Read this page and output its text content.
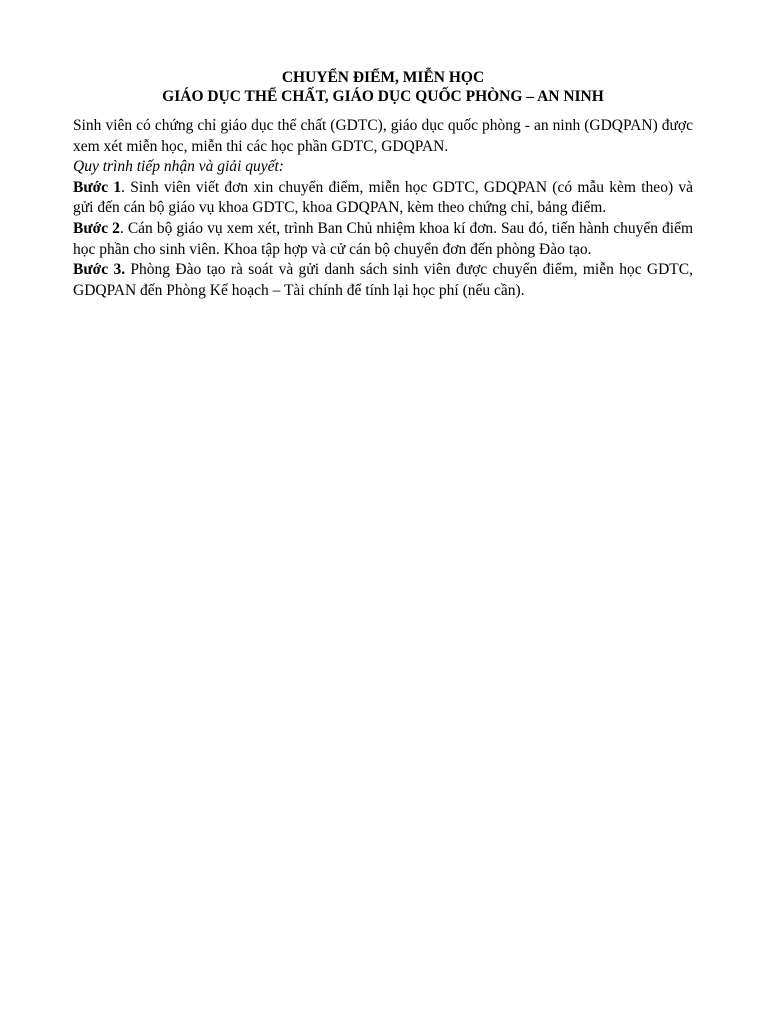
CHUYỂN ĐIỂM, MIỄN HỌC

GIÁO DỤC THỂ CHẤT, GIÁO DỤC QUỐC PHÒNG – AN NINH

Sinh viên có chứng chỉ giáo dục thể chất (GDTC), giáo dục quốc phòng - an ninh (GDQPAN) được xem xét miễn học, miễn thi các học phần GDTC, GDQPAN.

Quy trình tiếp nhận và giải quyết:

Bước 1. Sinh viên viết đơn xin chuyển điểm, miễn học GDTC, GDQPAN (có mẫu kèm theo) và gửi đến cán bộ giáo vụ khoa GDTC, khoa GDQPAN, kèm theo chứng chỉ, bảng điểm.

Bước 2. Cán bộ giáo vụ xem xét, trình Ban Chủ nhiệm khoa kí đơn. Sau đó, tiến hành chuyển điểm học phần cho sinh viên. Khoa tập hợp và cử cán bộ chuyển đơn đến phòng Đào tạo.

Bước 3. Phòng Đào tạo rà soát và gửi danh sách sinh viên được chuyển điểm, miễn học GDTC, GDQPAN đến Phòng Kế hoạch – Tài chính để tính lại học phí (nếu cần).
